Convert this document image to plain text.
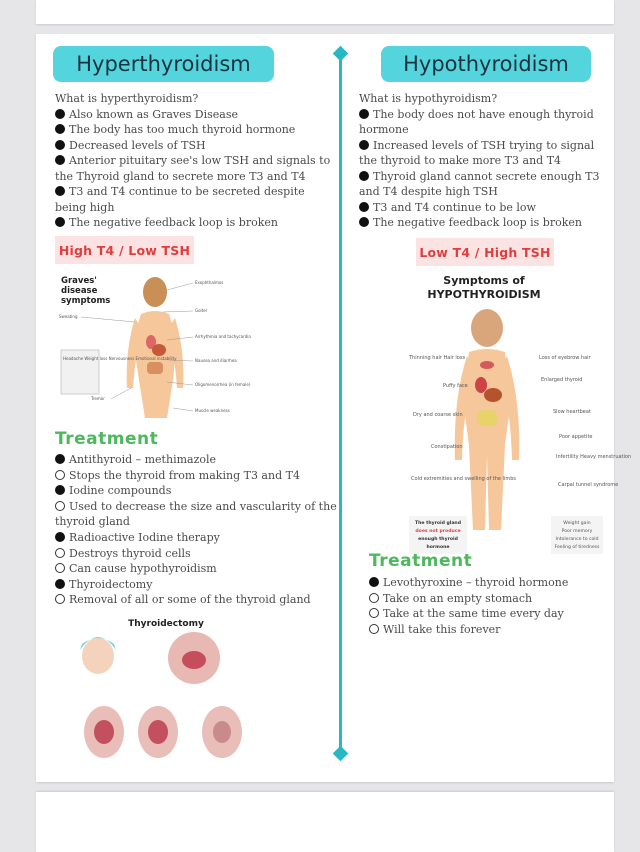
Hyperthyroidism	Hypothyroidism

What is hyperthyroidism?

Also known as Graves Disease

The body has too much thyroid hormone

Decreased levels of TSH

Anterior pituitary see's low TSH and signals to the Thyroid gland to secrete more T3 and T4

T3 and T4 continue to be secreted despite being high

The negative feedback loop is broken

What is hypothyroidism?

The body does not have enough thyroid hormone

Increased levels of TSH trying to signal the thyroid to make more T3 and T4

Thyroid gland cannot secrete enough T3 and T4 despite high TSH

T3 and T4 continue to be low

The negative feedback loop is broken

High T4 / Low TSH	Low T4 / High TSH
Graves'
disease
symptoms
Exophthalmos
Goiter
Sweating
Arrhythmia and tachycardia
Headache Weight loss Nervousness Emotional instability	Nausea and diarrhea
Oligomenorrhea (in female)
Tremor
Muscle weakness
Symptoms of
HYPOTHYROIDISM
Thinning hair Hair loss	Loss of eyebrow hair
Puffy face
Enlarged thyroid
Dry and coarse skin	Slow heartbeat
Poor appetite
Constipation
Infertility Heavy menstruation
Cold extremities and swelling of the limbs
Carpal tunnel syndrome
The thyroid gland
does not produce
enough thyroid
hormone
Weight gain
Poor memory
Intolerance to cold
Feeling of tiredness
Treatment
Treatment

Antithyroid – methimazole

Stops the thyroid from making T3 and T4

Iodine compounds

Used to decrease the size and vascularity of the thyroid gland

Radioactive Iodine therapy

Destroys thyroid cells

Can cause hypothyroidism

Thyroidectomy

Removal of all or some of the thyroid gland

Levothyroxine – thyroid hormone

Take on an empty stomach

Take at the same time every day

Will take this forever

Thyroidectomy
